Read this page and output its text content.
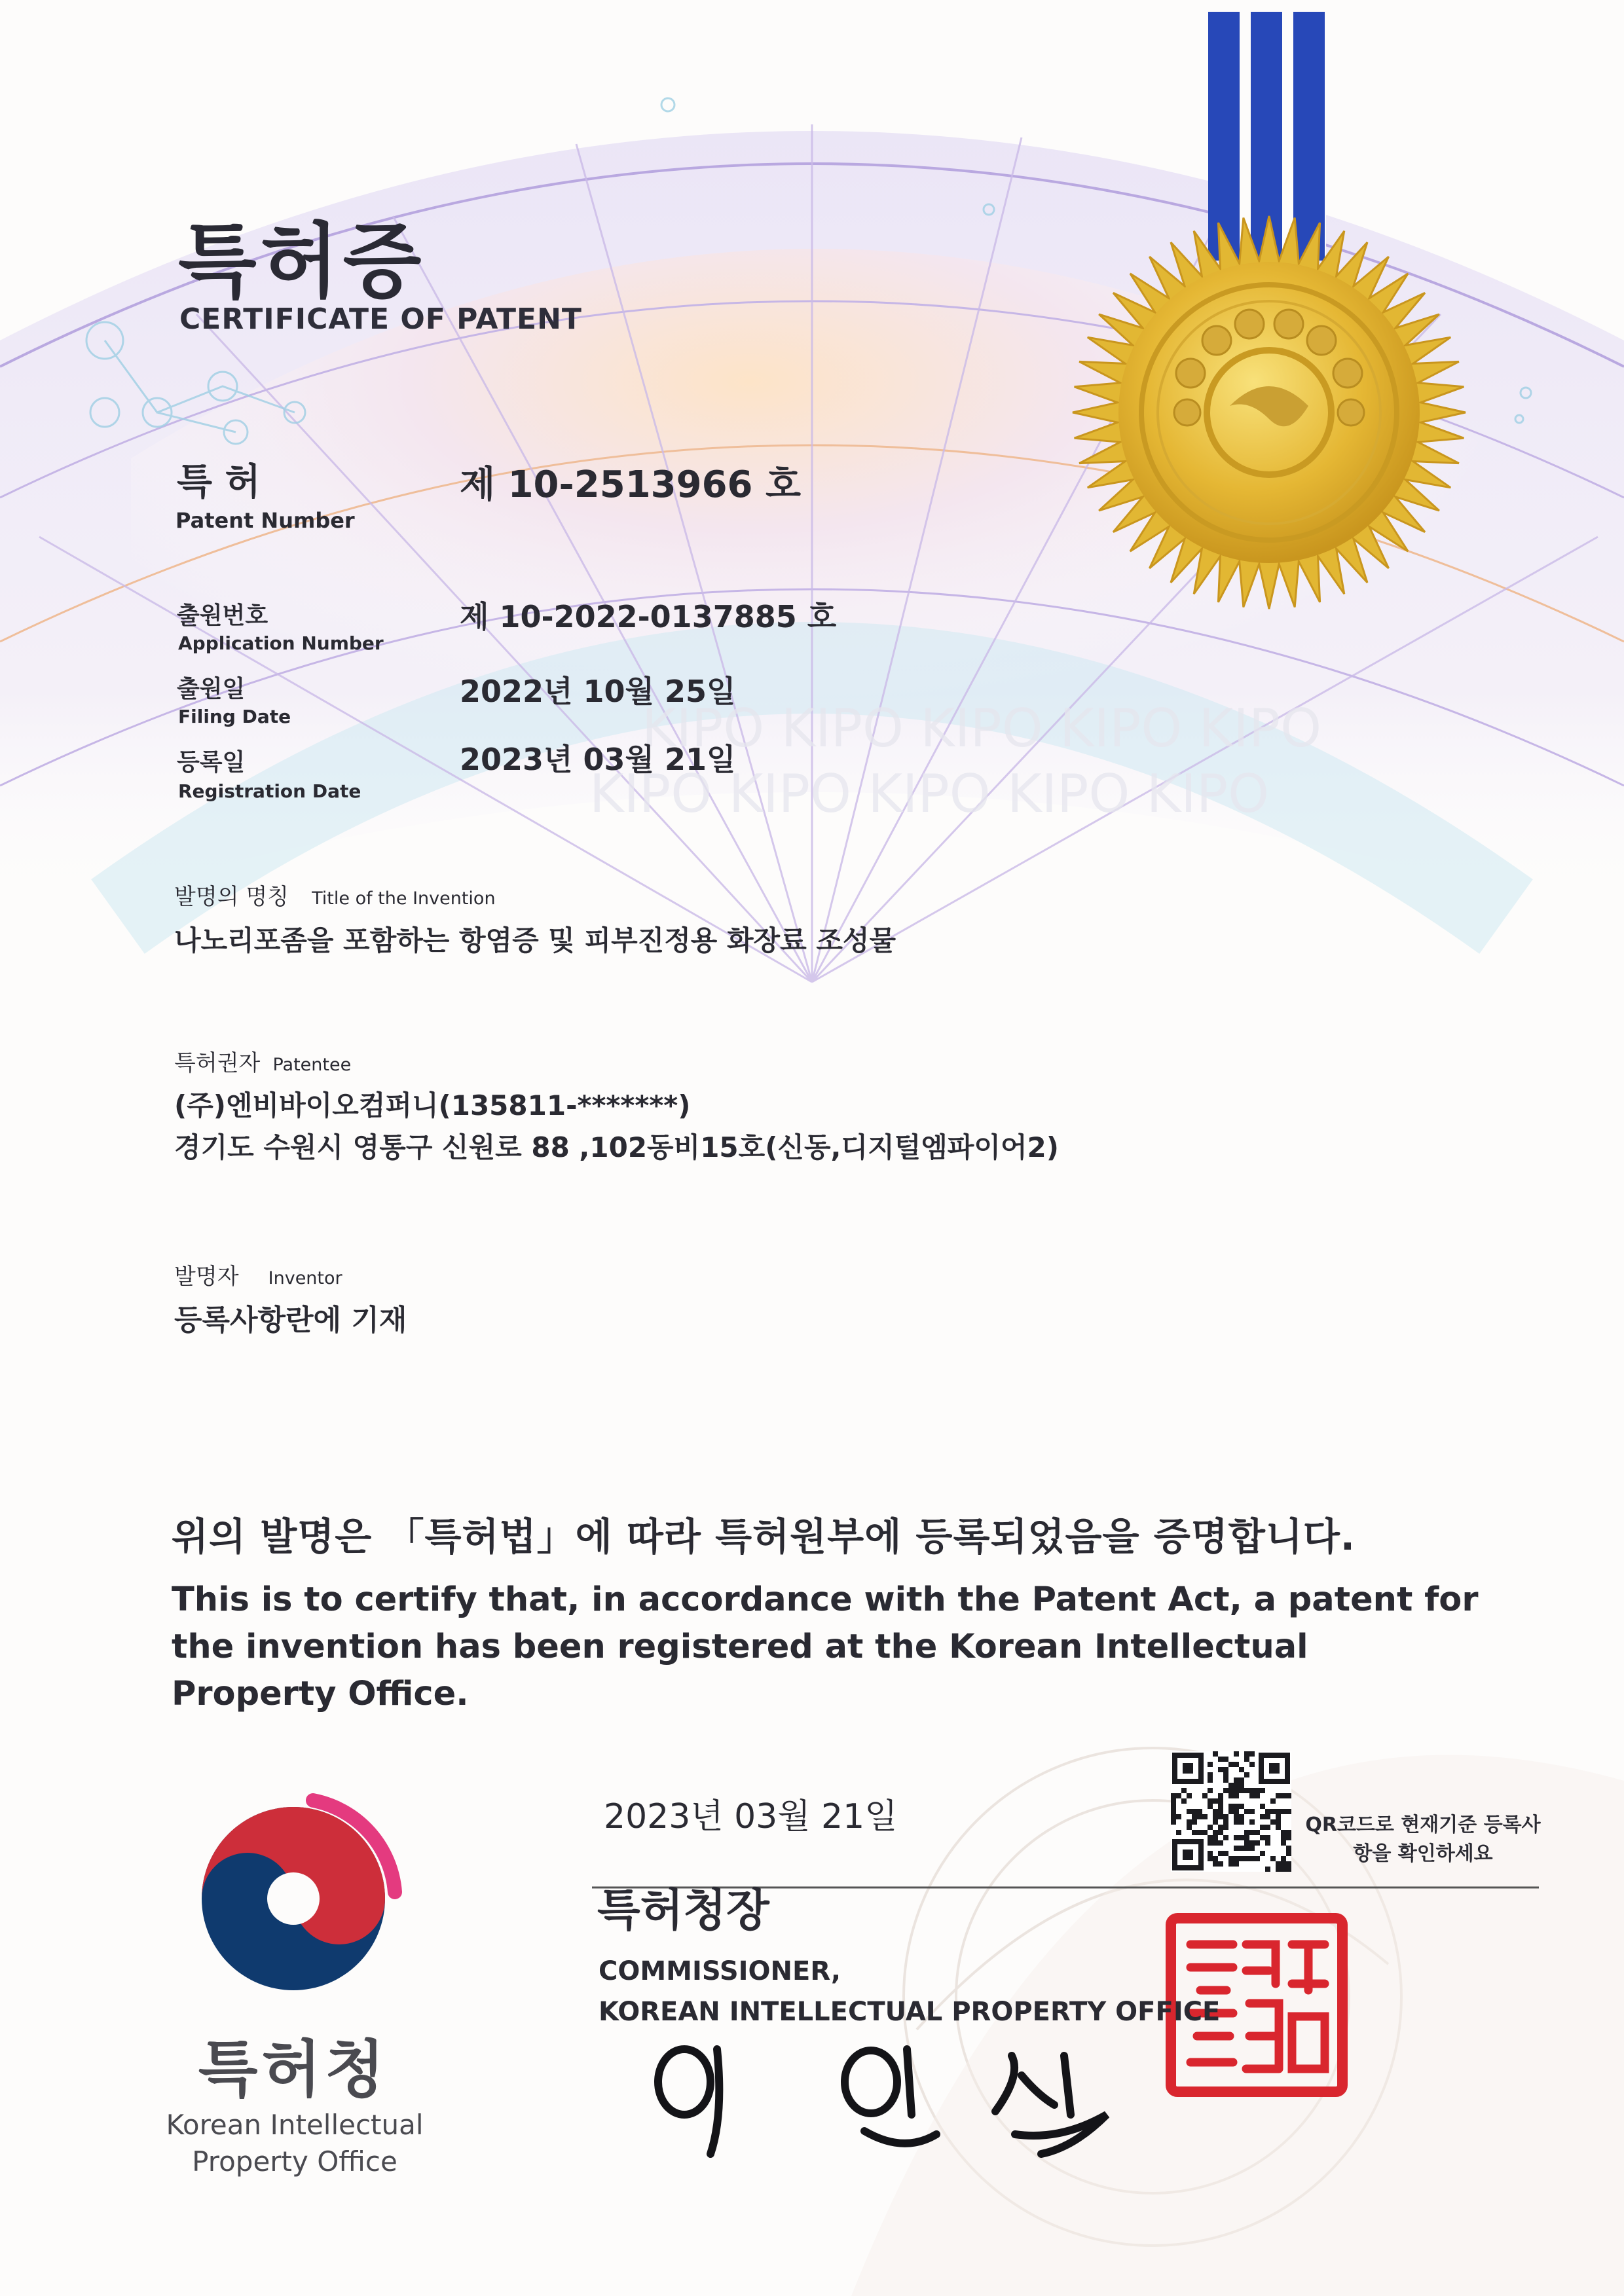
KIPO KIPO KIPO KIPO KIPO
KIPO KIPO KIPO KIPO KIPO
특허증
CERTIFICATE OF PATENT
특 허
Patent Number
제 10-2513966 호
출원번호
Application Number
제 10-2022-0137885 호
출원일
Filing Date
2022년 10월 25일
등록일
Registration Date
2023년 03월 21일
발명의 명칭 Title of the Invention
나노리포좀을 포함하는 항염증 및 피부진정용 화장료 조성물
특허권자 Patentee
(주)엔비바이오컴퍼니(135811-*******)
경기도 수원시 영통구 신원로 88 ,102동비15호(신동,디지털엠파이어2)
발명자 Inventor
등록사항란에 기재
위의 발명은 「특허법」에 따라 특허원부에 등록되었음을 증명합니다.
This is to certify that, in accordance with the Patent Act, a patent for the invention has been registered at the Korean Intellectual Property Office.
2023년 03월 21일	QR코드로 현재기준 등록사항을 확인하세요
특허청장
COMMISSIONER,
KOREAN INTELLECTUAL PROPERTY OFFICE
특허청
Korean Intellectual Property Office
